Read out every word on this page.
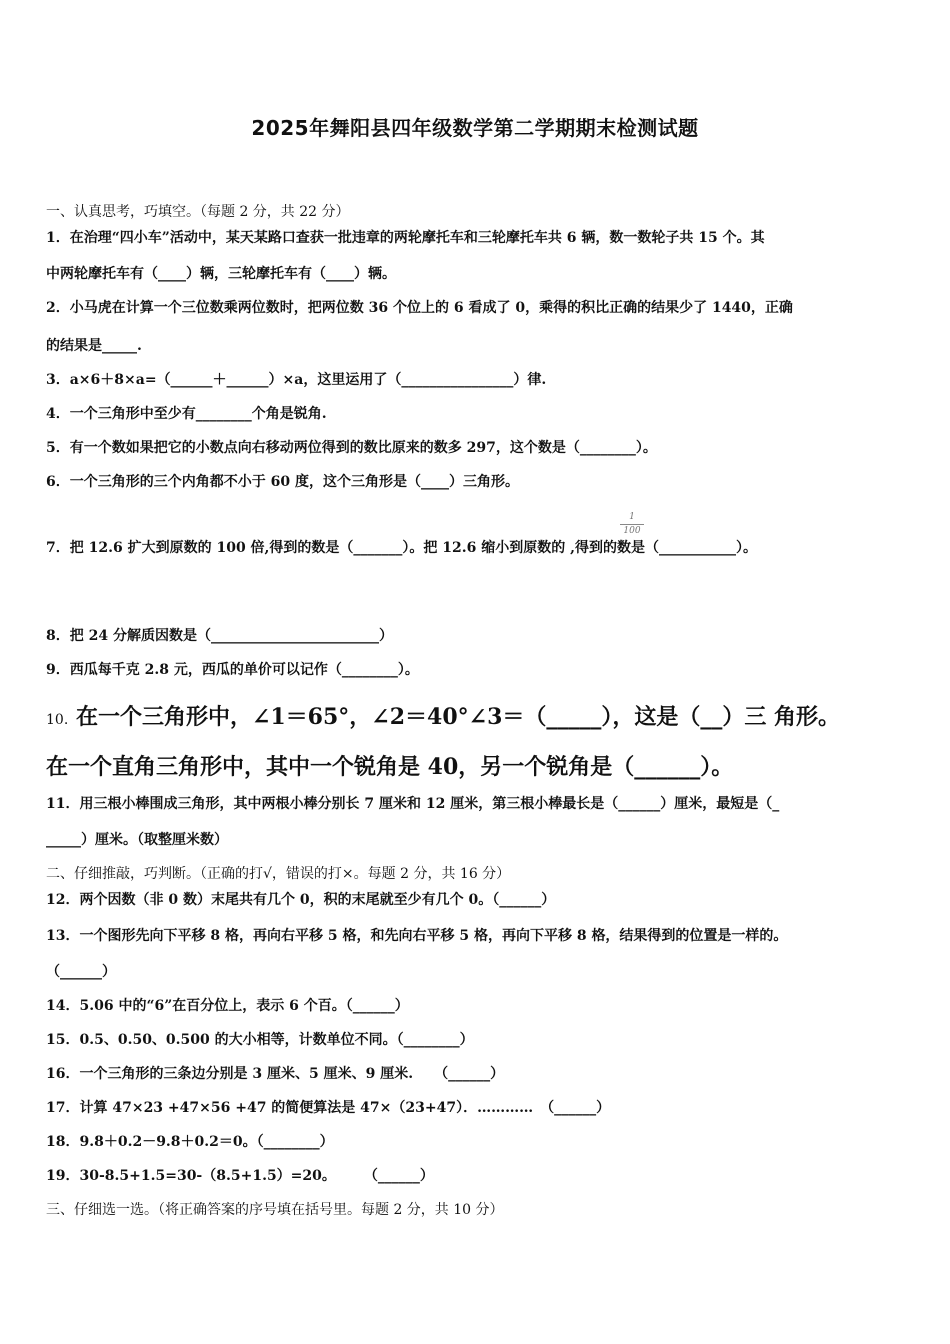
2025年舞阳县四年级数学第二学期期末检测试题
一、认真思考，巧填空。（每题 2 分，共 22 分）
1．在治理“四小车”活动中，某天某路口查获一批违章的两轮摩托车和三轮摩托车共 6 辆，数一数轮子共 15 个。其
中两轮摩托车有（____）辆，三轮摩托车有（____）辆。
2．小马虎在计算一个三位数乘两位数时，把两位数 36 个位上的 6 看成了 0，乘得的积比正确的结果少了 1440，正确
的结果是_____.
3．a×6＋8×a=（______＋______）×a，这里运用了（________________）律.
4．一个三角形中至少有________个角是锐角.
5．有一个数如果把它的小数点向右移动两位得到的数比原来的数多 297，这个数是（________）。
6．一个三角形的三个内角都不小于 60 度，这个三角形是（____）三角形。
7．把 12.6 扩大到原数的 100 倍,得到的数是（_______）。把 12.6 缩小到原数的 ,得到的数是（___________）。
1
100
8．把 24 分解质因数是（________________________）
9．西瓜每千克 2.8 元，西瓜的单价可以记作（________）。
10. 在一个三角形中，∠1＝65°，∠2＝40°∠3＝（_____），这是（__）三 角形。
在一个直角三角形中，其中一个锐角是 40，另一个锐角是（______）。
11．用三根小棒围成三角形，其中两根小棒分别长 7 厘米和 12 厘米，第三根小棒最长是（______）厘米，最短是（_
_____）厘米。（取整厘米数）
二、仔细推敲，巧判断。（正确的打√，错误的打×。每题 2 分，共 16 分）
12．两个因数（非 0 数）末尾共有几个 0，积的末尾就至少有几个 0。（______）
13．一个图形先向下平移 8 格，再向右平移 5 格，和先向右平移 5 格，再向下平移 8 格，结果得到的位置是一样的。
（______）
14．5.06 中的“6”在百分位上，表示 6 个百。（______）
15．0.5、0.50、0.500 的大小相等，计数单位不同。（________）
16．一个三角形的三条边分别是 3 厘米、5 厘米、9 厘米.　　（______）
17．计算 47×23 +47×56 +47 的简便算法是 47×（23+47）．…………　（______）
18．9.8＋0.2－9.8＋0.2＝0。（________）
19．30-8.5+1.5=30-（8.5+1.5）=20。　　　（______）
三、仔细选一选。（将正确答案的序号填在括号里。每题 2 分，共 10 分）
